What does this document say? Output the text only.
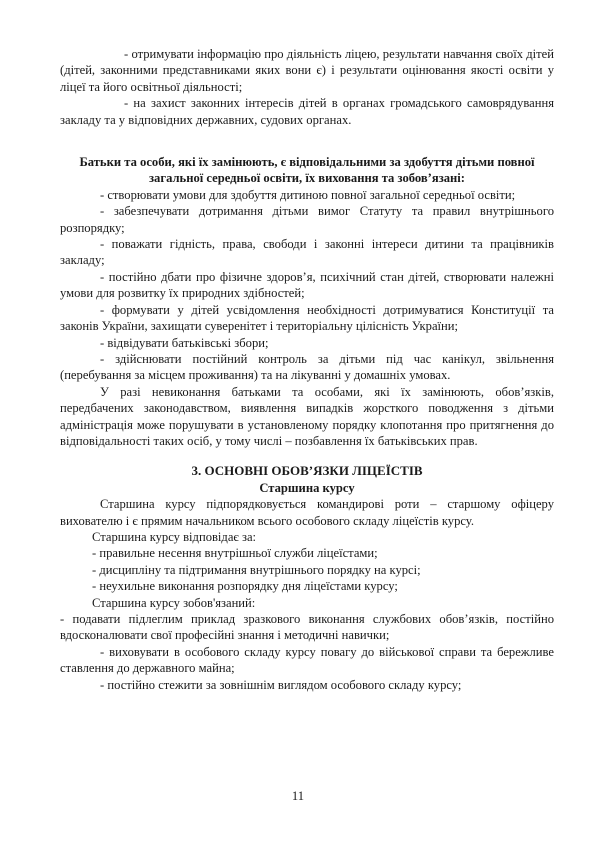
- отримувати інформацію про діяльність ліцею, результати навчання своїх дітей (дітей, законними представниками яких вони є) і результати оцінювання якості освіти у ліцеї та його освітньої діяльності;

- на захист законних інтересів дітей в органах громадського самоврядування закладу та у відповідних державних, судових органах.

Батьки та особи, які їх замінюють, є відповідальними за здобуття дітьми повної загальної середньої освіти, їх виховання та зобов’язані:

- створювати умови для здобуття дитиною повної загальної середньої освіти;

- забезпечувати дотримання дітьми вимог Статуту та правил внутрішнього розпорядку;

- поважати гідність, права, свободи і законні інтереси дитини та працівників закладу;

- постійно дбати про фізичне здоров’я, психічний стан дітей, створювати належні умови для розвитку їх природних здібностей;

- формувати у дітей усвідомлення необхідності дотримуватися Конституції та законів України, захищати суверенітет і територіальну цілісність України;

- відвідувати батьківські збори;

- здійснювати постійний контроль за дітьми під час канікул, звільнення (перебування за місцем проживання) та на лікуванні у домашніх умовах.

У разі невиконання батьками та особами, які їх замінюють, обов’язків, передбачених законодавством, виявлення випадків жорсткого поводження з дітьми адміністрація може порушувати в установленому порядку клопотання про притягнення до відповідальності таких осіб, у тому числі – позбавлення їх батьківських прав.

3. ОСНОВНІ ОБОВ’ЯЗКИ ЛІЦЕЇСТІВ
Старшина курсу

Старшина курсу підпорядковується командирові роти – старшому офіцеру вихователю і є прямим начальником всього особового складу ліцеїстів курсу.

Старшина курсу відповідає за:

- правильне несення внутрішньої служби ліцеїстами;

- дисципліну та підтримання внутрішнього порядку на курсі;

- неухильне виконання розпорядку дня ліцеїстами курсу;

Старшина курсу зобов'язаний:

- подавати підлеглим приклад зразкового виконання службових обов’язків, постійно вдосконалювати свої професійні знання і методичні навички;

- виховувати в особового складу курсу повагу до військової справи та бережливе ставлення до державного майна;

- постійно стежити за зовнішнім виглядом особового складу курсу;

11
